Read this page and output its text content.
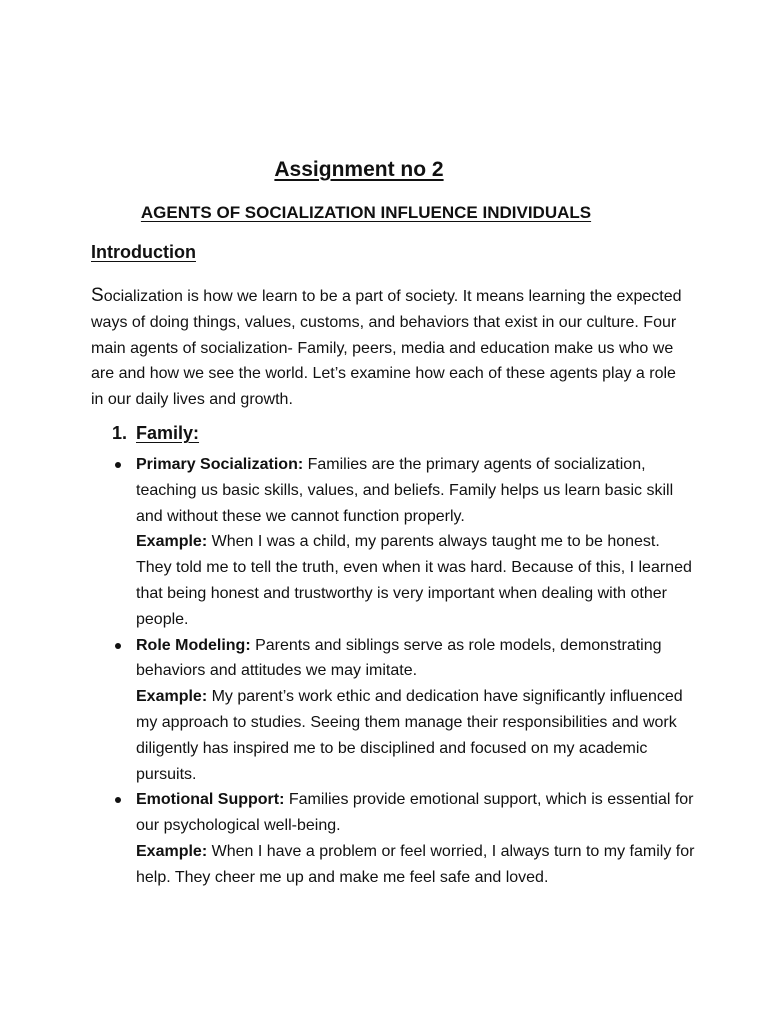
Assignment no 2
AGENTS OF SOCIALIZATION INFLUENCE INDIVIDUALS
Introduction

Socialization is how we learn to be a part of society. It means learning the expected ways of doing things, values, customs, and behaviors that exist in our culture. Four main agents of socialization- Family, peers, media and education make us who we are and how we see the world. Let’s examine how each of these agents play a role in our daily lives and growth.

1. Family:
Primary Socialization: Families are the primary agents of socialization, teaching us basic skills, values, and beliefs. Family helps us learn basic skill and without these we cannot function properly.
Example: When I was a child, my parents always taught me to be honest. They told me to tell the truth, even when it was hard. Because of this, I learned that being honest and trustworthy is very important when dealing with other people.
Role Modeling: Parents and siblings serve as role models, demonstrating behaviors and attitudes we may imitate.
Example: My parent’s work ethic and dedication have significantly influenced my approach to studies. Seeing them manage their responsibilities and work diligently has inspired me to be disciplined and focused on my academic pursuits.
Emotional Support: Families provide emotional support, which is essential for our psychological well-being.
Example: When I have a problem or feel worried, I always turn to my family for help. They cheer me up and make me feel safe and loved.
